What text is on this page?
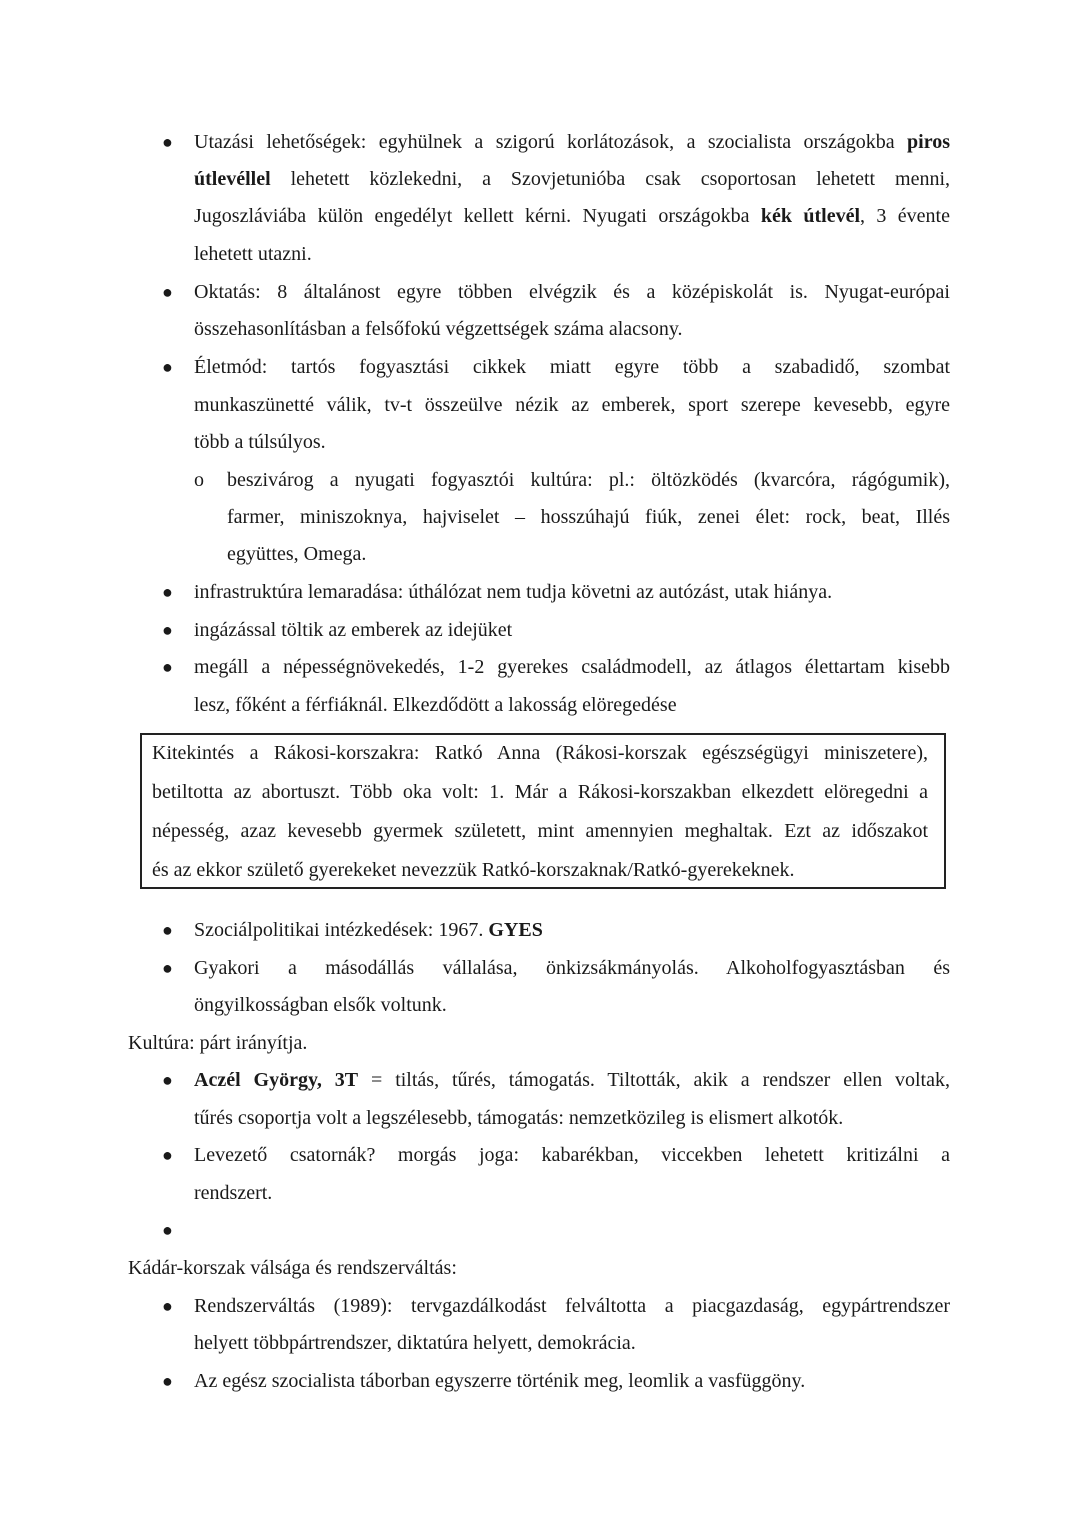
● Utazási lehetőségek: egyhülnek a szigorú korlátozások, a szocialista országokba piros
útlevéllel lehetett közlekedni, a Szovjetunióba csak csoportosan lehetett menni,
Jugoszláviába külön engedélyt kellett kérni. Nyugati országokba kék útlevél, 3 évente
lehetett utazni.
● Oktatás: 8 általánost egyre többen elvégzik és a középiskolát is. Nyugat-európai
összehasonlításban a felsőfokú végzettségek száma alacsony.
● Életmód: tartós fogyasztási cikkek miatt egyre több a szabadidő, szombat
munkaszünetté válik, tv-t összeülve nézik az emberek, sport szerepe kevesebb, egyre
több a túlsúlyos.
o beszivárog a nyugati fogyasztói kultúra: pl.: öltözködés (kvarcóra, rágógumik),
farmer, miniszoknya, hajviselet – hosszúhajú fiúk, zenei élet: rock, beat, Illés
együttes, Omega.
● infrastruktúra lemaradása: úthálózat nem tudja követni az autózást, utak hiánya.
● ingázással töltik az emberek az idejüket
● megáll a népességnövekedés, 1-2 gyerekes családmodell, az átlagos élettartam kisebb
lesz, főként a férfiáknál. Elkezdődött a lakosság elöregedése
Kitekintés a Rákosi-korszakra: Ratkó Anna (Rákosi-korszak egészségügyi miniszetere),
betiltotta az abortuszt. Több oka volt: 1. Már a Rákosi-korszakban elkezdett elöregedni a
népesség, azaz kevesebb gyermek született, mint amennyien meghaltak. Ezt az időszakot
és az ekkor születő gyerekeket nevezzük Ratkó-korszaknak/Ratkó-gyerekeknek.
● Szociálpolitikai intézkedések: 1967. GYES
● Gyakori a másodállás vállalása, önkizsákmányolás. Alkoholfogyasztásban és
öngyilkosságban elsők voltunk.
Kultúra: párt irányítja.
● Aczél György, 3T = tiltás, tűrés, támogatás. Tiltották, akik a rendszer ellen voltak,
tűrés csoportja volt a legszélesebb, támogatás: nemzetközileg is elismert alkotók.
● Levezető csatornák? morgás joga: kabarékban, viccekben lehetett kritizálni a
rendszert.
●
Kádár-korszak válsága és rendszerváltás:
● Rendszerváltás (1989): tervgazdálkodást felváltotta a piacgazdaság, egypártrendszer
helyett többpártrendszer, diktatúra helyett, demokrácia.
● Az egész szocialista táborban egyszerre történik meg, leomlik a vasfüggöny.
